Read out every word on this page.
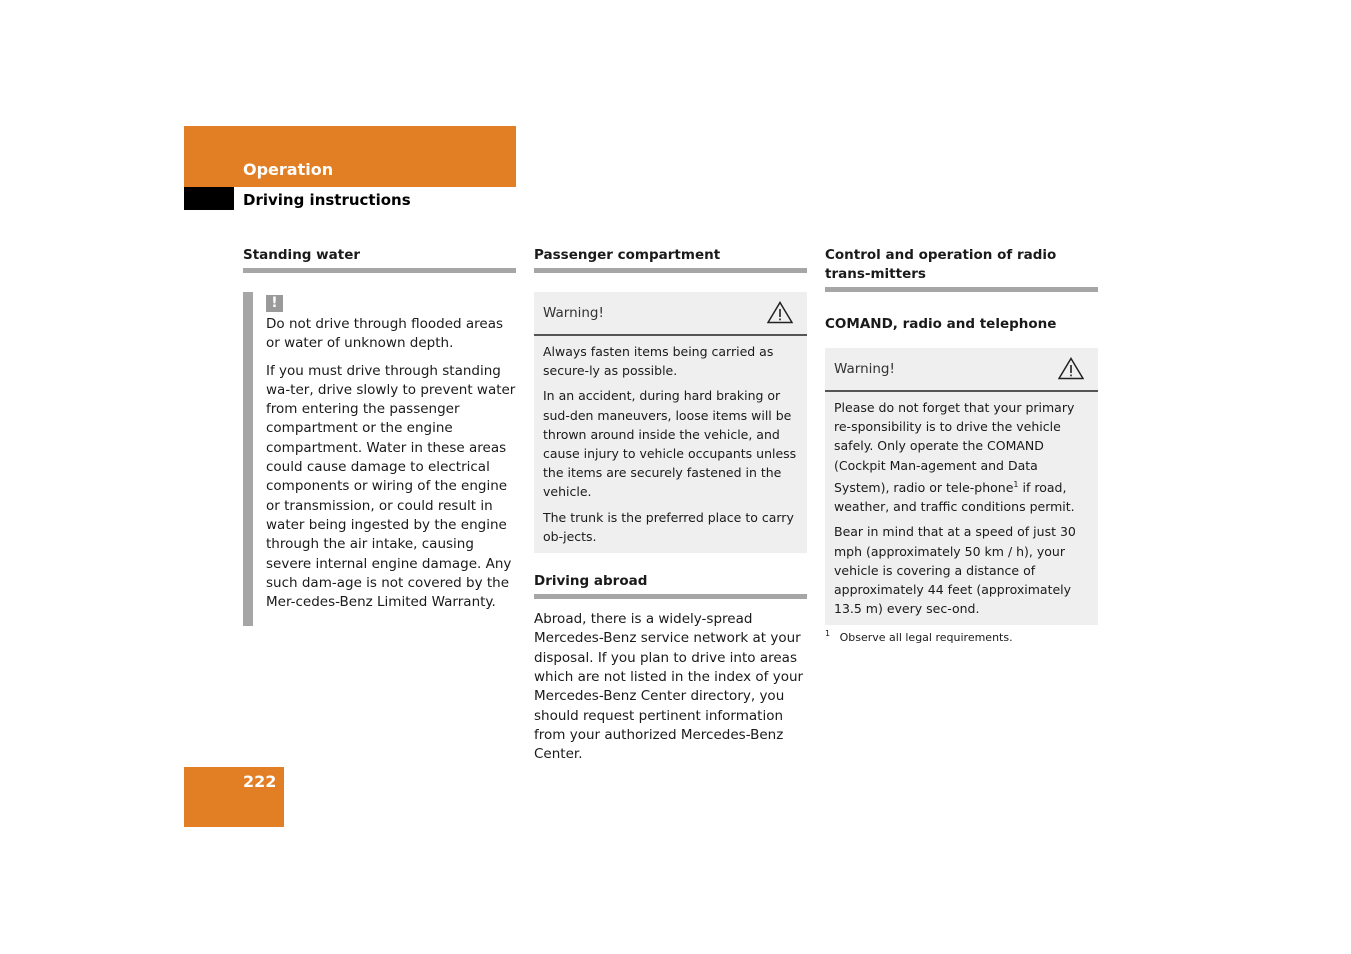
Operation
Driving instructions
Standing water
!

Do not drive through flooded areas or water of unknown depth.

If you must drive through standing wa-ter, drive slowly to prevent water from entering the passenger compartment or the engine compartment. Water in these areas could cause damage to electrical components or wiring of the engine or transmission, or could result in water being ingested by the engine through the air intake, causing severe internal engine damage. Any such dam-age is not covered by the Mer-cedes-Benz Limited Warranty.

Passenger compartment
Warning!

Always fasten items being carried as secure-ly as possible.

In an accident, during hard braking or sud-den maneuvers, loose items will be thrown around inside the vehicle, and cause injury to vehicle occupants unless the items are securely fastened in the vehicle.

The trunk is the preferred place to carry ob-jects.

Driving abroad

Abroad, there is a widely-spread Mercedes-Benz service network at your disposal. If you plan to drive into areas which are not listed in the index of your Mercedes-Benz Center directory, you should request pertinent information from your authorized Mercedes-Benz Center.

Control and operation of radio trans-mitters
COMAND, radio and telephone
Warning!

Please do not forget that your primary re-sponsibility is to drive the vehicle safely. Only operate the COMAND (Cockpit Man-agement and Data System), radio or tele-phone$^1$ if road, weather, and traffic conditions permit.

Bear in mind that at a speed of just 30 mph (approximately 50 km / h), your vehicle is covering a distance of approximately 44 feet (approximately 13.5 m) every sec-ond.

$^1$ Observe all legal requirements.
222
